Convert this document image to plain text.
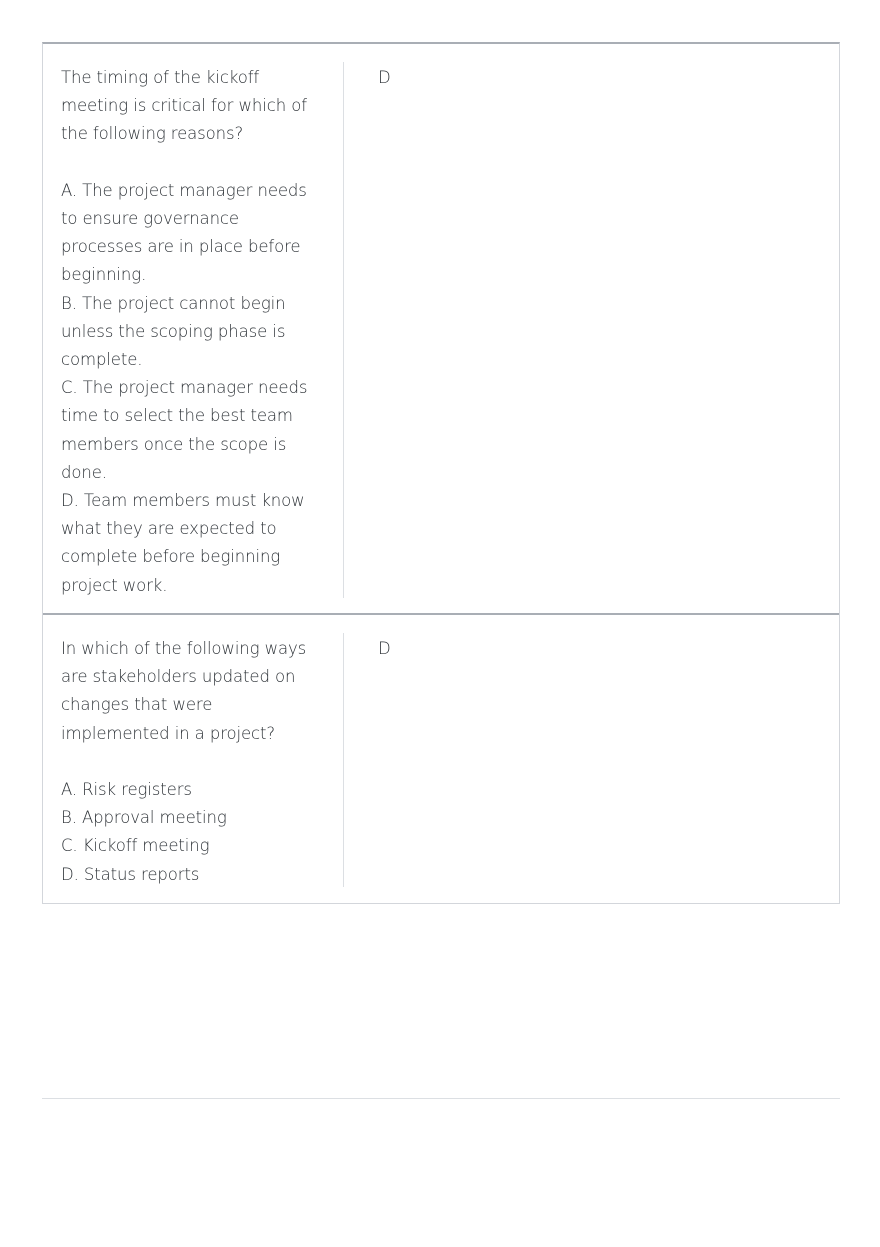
The timing of the kickoff meeting is critical for which of the following reasons?

A. The project manager needs to ensure governance processes are in place before beginning.

B. The project cannot begin unless the scoping phase is complete.

C. The project manager needs time to select the best team members once the scope is done.

D. Team members must know what they are expected to complete before beginning project work.

D

In which of the following ways are stakeholders updated on changes that were implemented in a project?

A. Risk registers

B. Approval meeting

C. Kickoff meeting

D. Status reports

D
